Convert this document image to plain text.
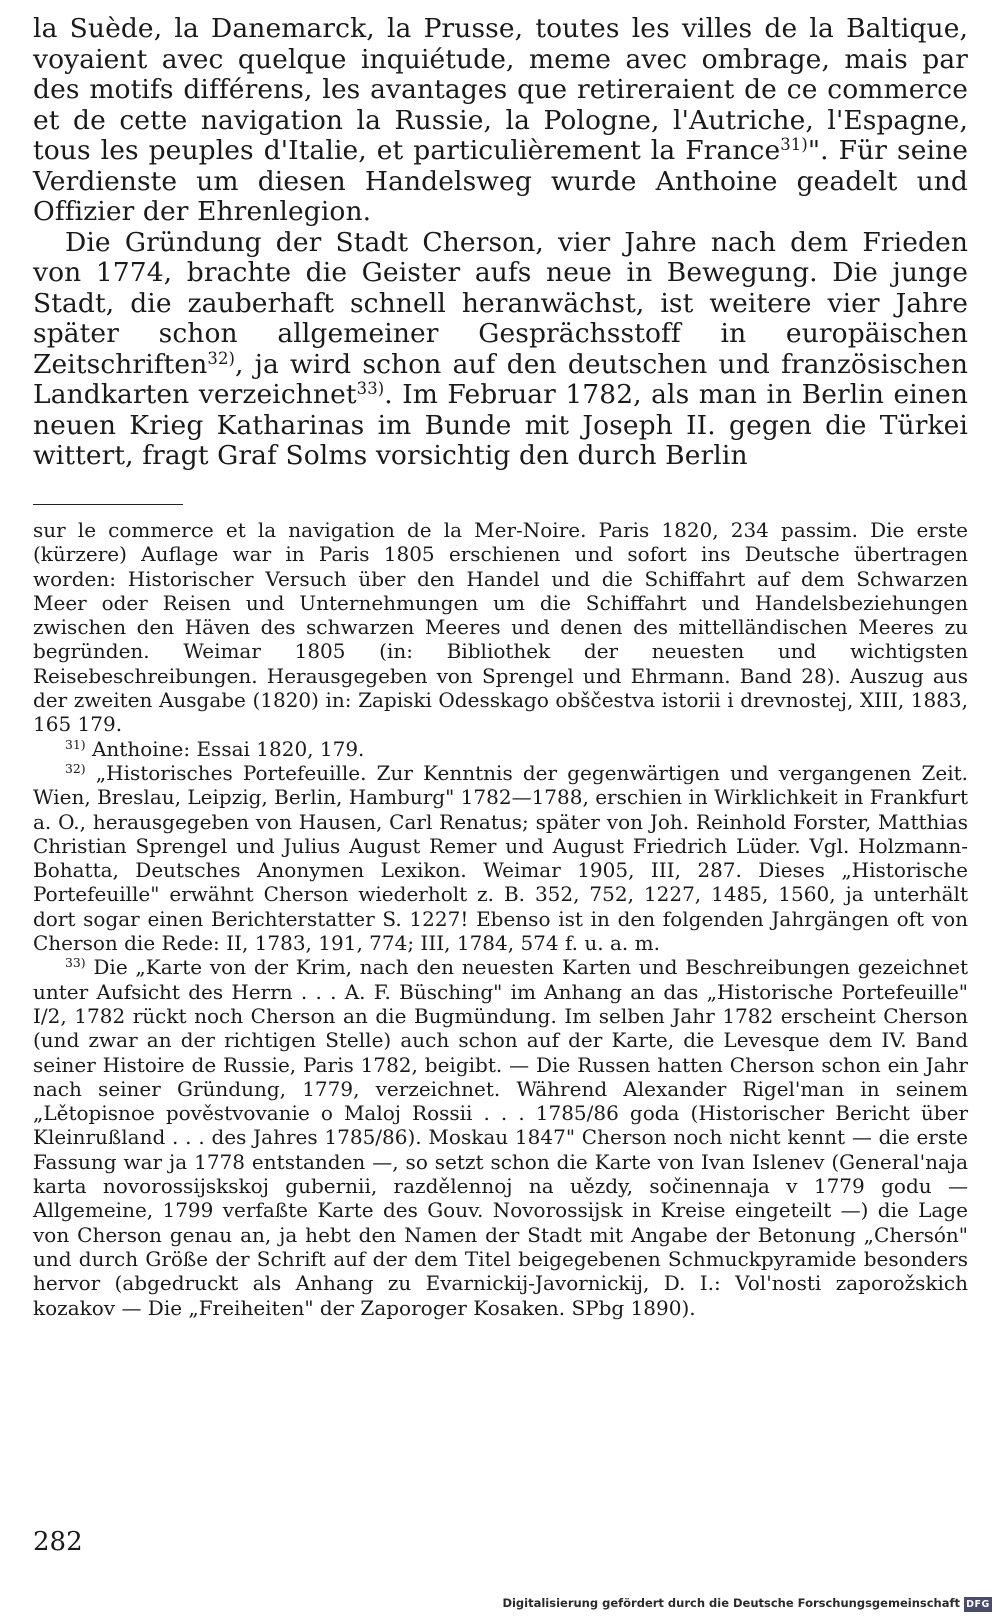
la Suède, la Danemarck, la Prusse, toutes les villes de la Baltique, voyaient avec quelque inquiétude, meme avec ombrage, mais par des motifs différens, les avantages que retireraient de ce commerce et de cette navigation la Russie, la Pologne, l'Autriche, l'Espagne, tous les peuples d'Italie, et particulièrement la France$^{31)}$". Für seine Verdienste um diesen Handelsweg wurde Anthoine geadelt und Offizier der Ehrenlegion.

Die Gründung der Stadt Cherson, vier Jahre nach dem Frieden von 1774, brachte die Geister aufs neue in Bewegung. Die junge Stadt, die zauberhaft schnell heranwächst, ist weitere vier Jahre später schon allgemeiner Gesprächsstoff in europäischen Zeitschriften$^{32)}$, ja wird schon auf den deutschen und französischen Landkarten verzeichnet$^{33)}$. Im Februar 1782, als man in Berlin einen neuen Krieg Katharinas im Bunde mit Joseph II. gegen die Türkei wittert, fragt Graf Solms vorsichtig den durch Berlin

sur le commerce et la navigation de la Mer-Noire. Paris 1820, 234 passim. Die erste (kürzere) Auflage war in Paris 1805 erschienen und sofort ins Deutsche übertragen worden: Historischer Versuch über den Handel und die Schiffahrt auf dem Schwarzen Meer oder Reisen und Unternehmungen um die Schiffahrt und Handelsbeziehungen zwischen den Häven des schwarzen Meeres und denen des mittelländischen Meeres zu begründen. Weimar 1805 (in: Bibliothek der neuesten und wichtigsten Reisebeschreibungen. Herausgegeben von Sprengel und Ehrmann. Band 28). Auszug aus der zweiten Ausgabe (1820) in: Zapiski Odesskago obščestva istorii i drevnostej, XIII, 1883, 165 179.

$^{31)}$ Anthoine: Essai 1820, 179.

$^{32)}$ „Historisches Portefeuille. Zur Kenntnis der gegenwärtigen und vergangenen Zeit. Wien, Breslau, Leipzig, Berlin, Hamburg" 1782—1788, erschien in Wirklichkeit in Frankfurt a. O., herausgegeben von Hausen, Carl Renatus; später von Joh. Reinhold Forster, Matthias Christian Sprengel und Julius August Remer und August Friedrich Lüder. Vgl. Holzmann-Bohatta, Deutsches Anonymen Lexikon. Weimar 1905, III, 287. Dieses „Historische Portefeuille" erwähnt Cherson wiederholt z. B. 352, 752, 1227, 1485, 1560, ja unterhält dort sogar einen Berichterstatter S. 1227! Ebenso ist in den folgenden Jahrgängen oft von Cherson die Rede: II, 1783, 191, 774; III, 1784, 574 f. u. a. m.

$^{33)}$ Die „Karte von der Krim, nach den neuesten Karten und Beschreibungen gezeichnet unter Aufsicht des Herrn . . . A. F. Büsching" im Anhang an das „Historische Portefeuille" I/2, 1782 rückt noch Cherson an die Bugmündung. Im selben Jahr 1782 erscheint Cherson (und zwar an der richtigen Stelle) auch schon auf der Karte, die Levesque dem IV. Band seiner Histoire de Russie, Paris 1782, beigibt. — Die Russen hatten Cherson schon ein Jahr nach seiner Gründung, 1779, verzeichnet. Während Alexander Rigel'man in seinem „Lětopisnoe pověstvovanie o Maloj Rossii . . . 1785/86 goda (Historischer Bericht über Kleinrußland . . . des Jahres 1785/86). Moskau 1847" Cherson noch nicht kennt — die erste Fassung war ja 1778 entstanden —, so setzt schon die Karte von Ivan Islenev (General'naja karta novorossijskskoj gubernii, razdělennoj na uězdy, sočinennaja v 1779 godu — Allgemeine, 1799 verfaßte Karte des Gouv. Novorossijsk in Kreise eingeteilt —) die Lage von Cherson genau an, ja hebt den Namen der Stadt mit Angabe der Betonung „Chersón" und durch Größe der Schrift auf der dem Titel beigegebenen Schmuckpyramide besonders hervor (abgedruckt als Anhang zu Evarnickij-Javornickij, D. I.: Vol'nosti zaporožskich kozakov — Die „Freiheiten" der Zaporoger Kosaken. SPbg 1890).

282
Digitalisierung gefördert durch die Deutsche Forschungsgemeinschaft DFG
